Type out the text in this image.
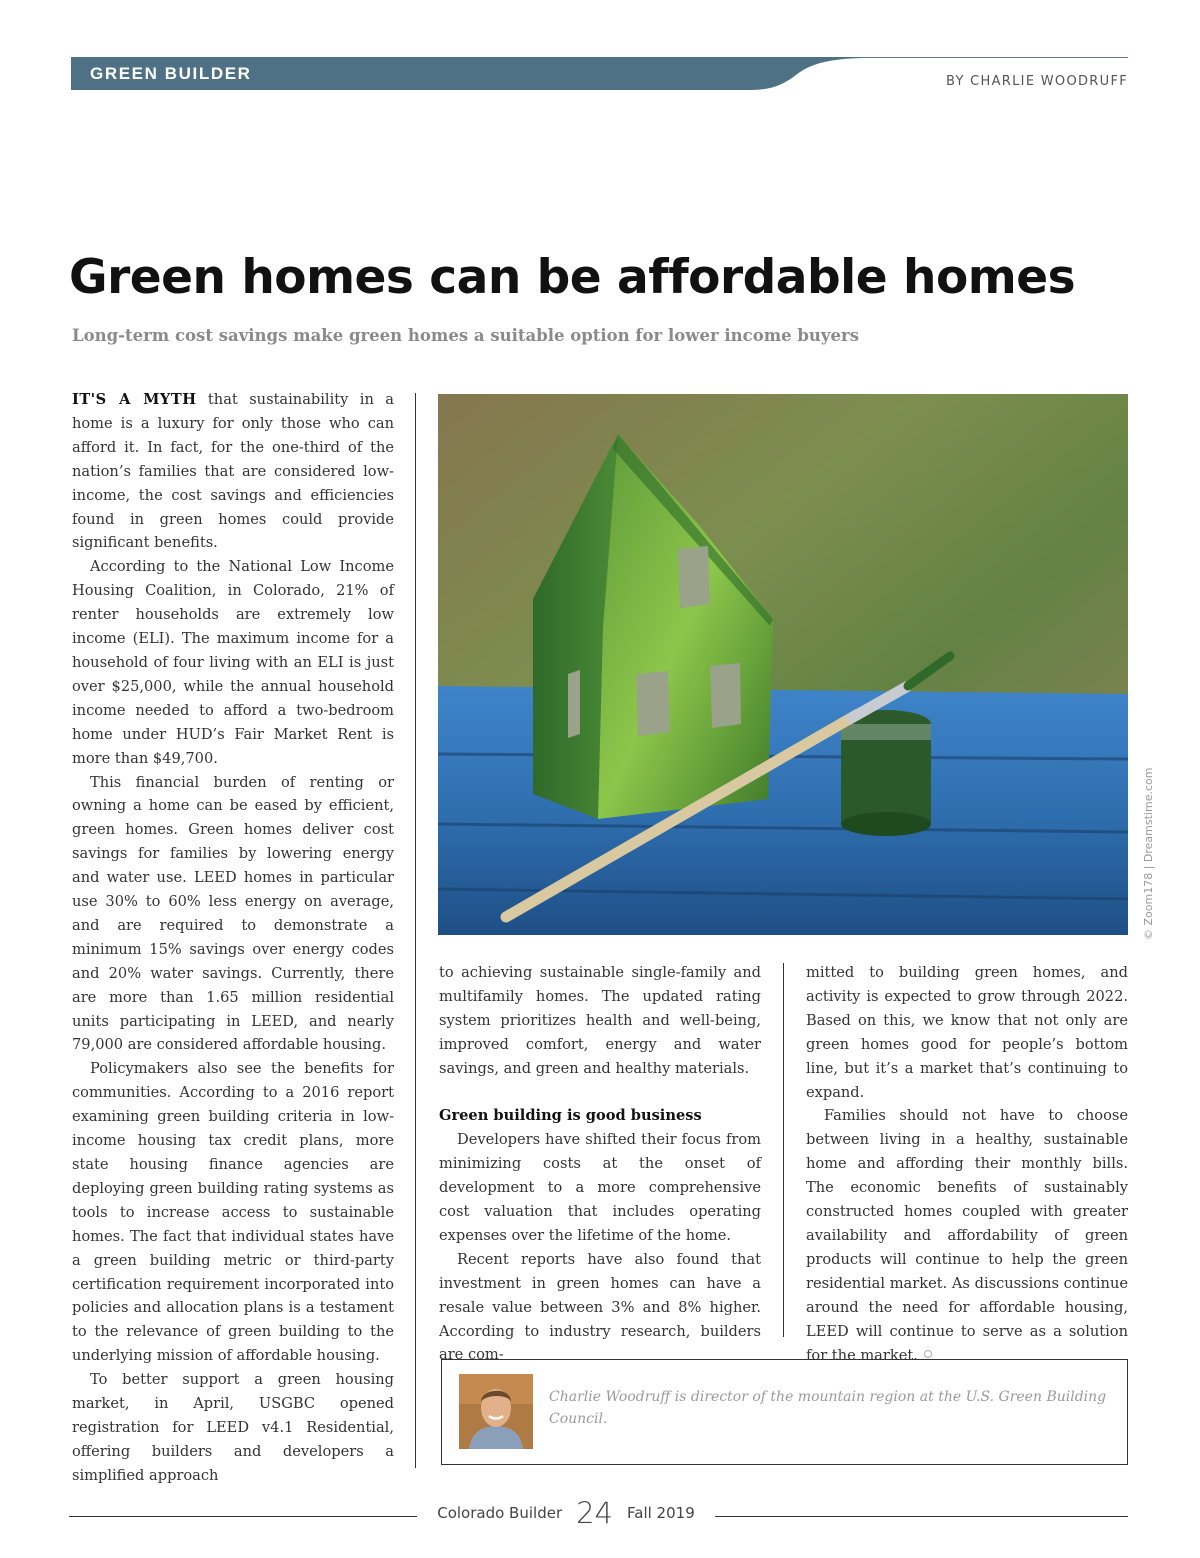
GREEN BUILDER	BY CHARLIE WOODRUFF
Green homes can be affordable homes
Long-term cost savings make green homes a suitable option for lower income buyers

IT'S A MYTH that sustainability in a home is a luxury for only those who can afford it. In fact, for the one-third of the nation’s families that are considered low-income, the cost savings and efficiencies found in green homes could provide significant benefits.

According to the National Low Income Housing Coalition, in Colorado, 21% of renter households are extremely low income (ELI). The maximum income for a household of four living with an ELI is just over $25,000, while the annual household income needed to afford a two-bedroom home under HUD’s Fair Market Rent is more than $49,700.

This financial burden of renting or owning a home can be eased by efficient, green homes. Green homes deliver cost savings for families by lowering energy and water use. LEED homes in particular use 30% to 60% less energy on average, and are required to demonstrate a minimum 15% savings over energy codes and 20% water savings. Currently, there are more than 1.65 million residential units participating in LEED, and nearly 79,000 are considered affordable housing.

Policymakers also see the benefits for communities. According to a 2016 report examining green building criteria in low-income housing tax credit plans, more state housing finance agencies are deploying green building rating systems as tools to increase access to sustainable homes. The fact that individual states have a green building metric or third-party certification requirement incorporated into policies and allocation plans is a testament to the relevance of green building to the underlying mission of affordable housing.

To better support a green housing market, in April, USGBC opened registration for LEED v4.1 Residential, offering builders and developers a simplified approach

© Zoom178 | Dreamstime.com

to achieving sustainable single-family and multifamily homes. The updated rating system prioritizes health and well-being, improved comfort, energy and water savings, and green and healthy materials.

Green building is good business

Developers have shifted their focus from minimizing costs at the onset of development to a more comprehensive cost valuation that includes operating expenses over the lifetime of the home.

Recent reports have also found that investment in green homes can have a resale value between 3% and 8% higher. According to industry research, builders are com-

mitted to building green homes, and activity is expected to grow through 2022. Based on this, we know that not only are green homes good for people’s bottom line, but it’s a market that’s continuing to expand.

Families should not have to choose between living in a healthy, sustainable home and affording their monthly bills. The economic benefits of sustainably constructed homes coupled with greater availability and affordability of green products will continue to help the green residential market. As discussions continue around the need for affordable housing, LEED will continue to serve as a solution for the market.

Charlie Woodruff is director of the mountain region at the U.S. Green Building Council.
Colorado Builder 24 Fall 2019
